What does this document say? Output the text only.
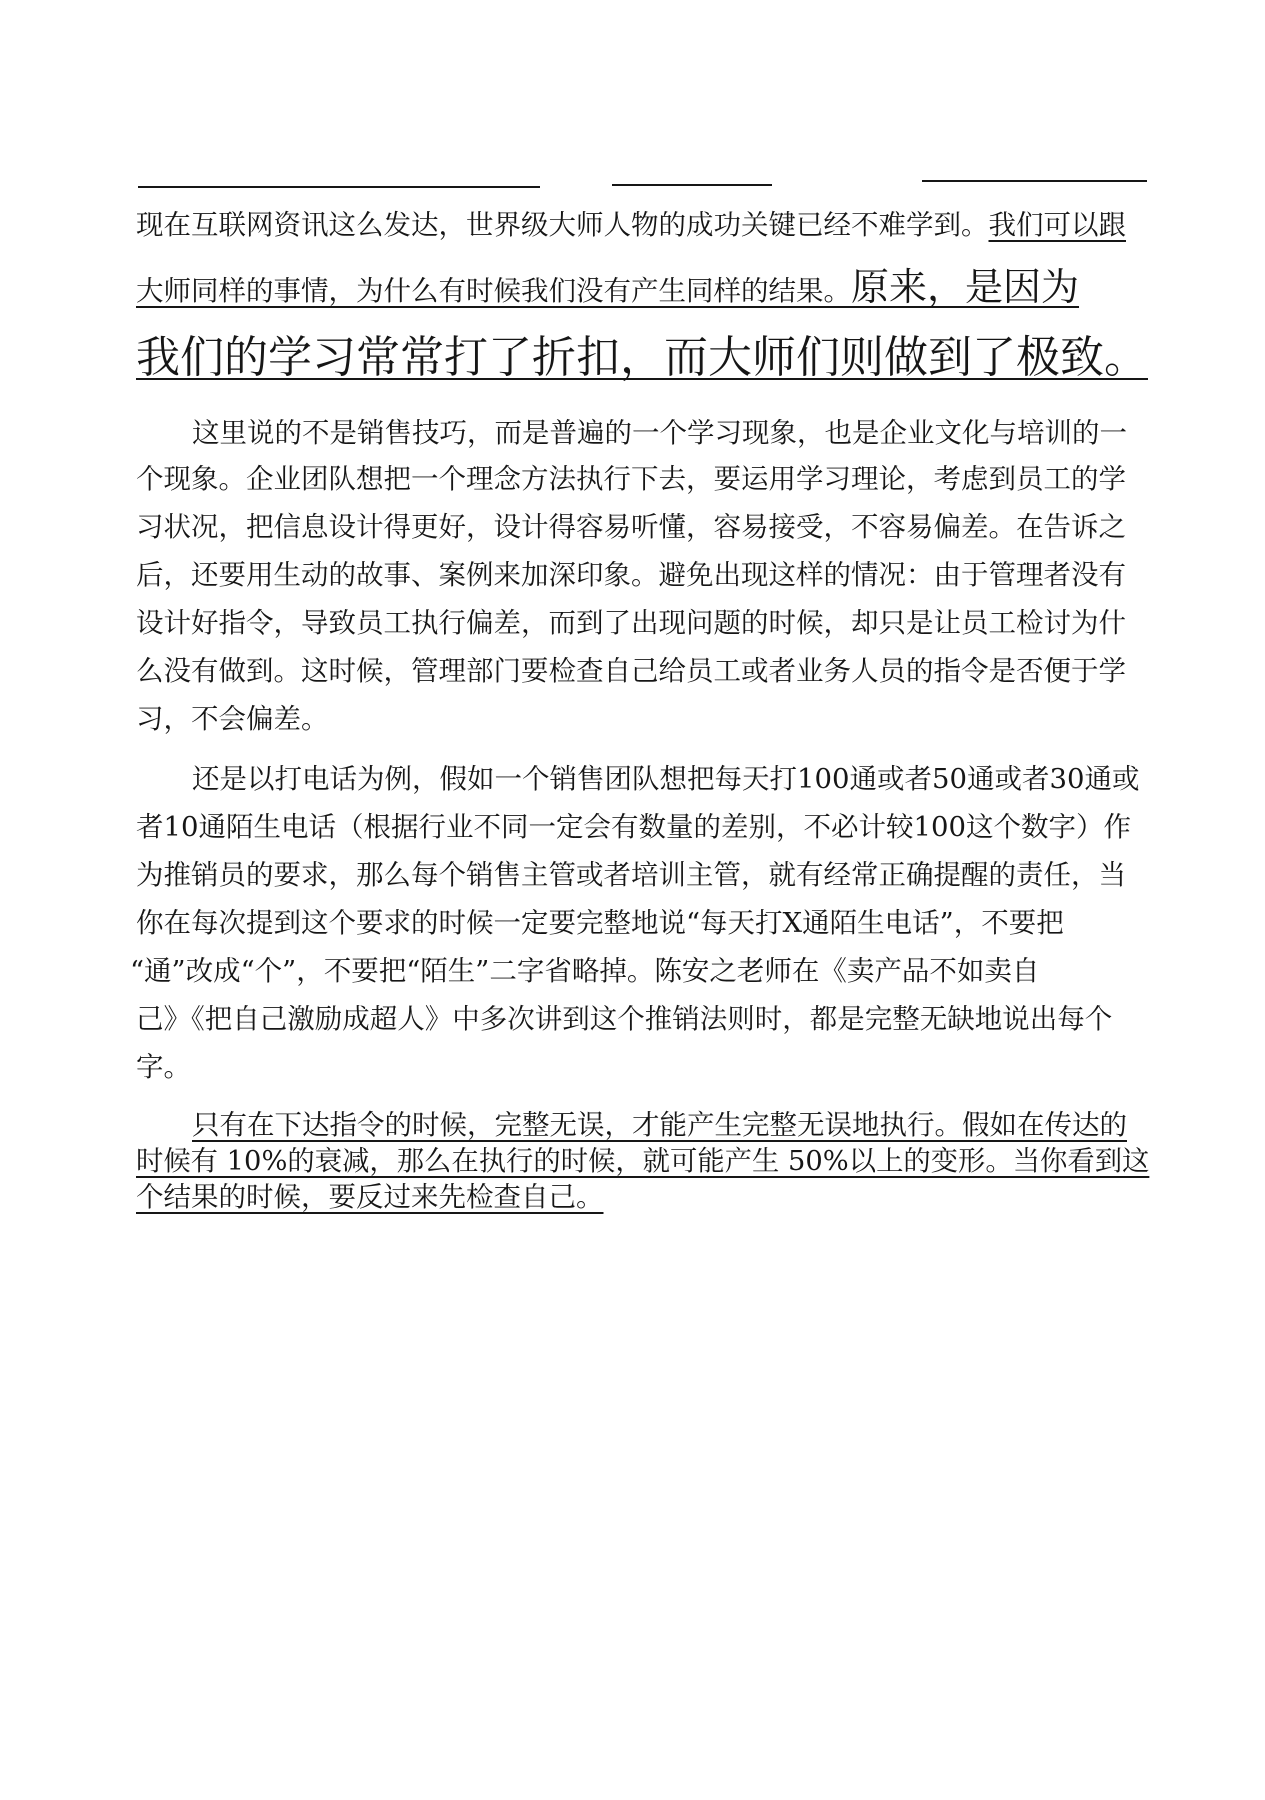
现在互联网资讯这么发达，世界级大师人物的成功关键已经不难学到。我们可以跟
大师同样的事情，为什么有时候我们没有产生同样的结果。原来，是因为
我们的学习常常打了折扣，而大师们则做到了极致。
这里说的不是销售技巧，而是普遍的一个学习现象，也是企业文化与培训的一
个现象。企业团队想把一个理念方法执行下去，要运用学习理论，考虑到员工的学
习状况，把信息设计得更好，设计得容易听懂，容易接受，不容易偏差。在告诉之
后，还要用生动的故事、案例来加深印象。避免出现这样的情况：由于管理者没有
设计好指令，导致员工执行偏差，而到了出现问题的时候，却只是让员工检讨为什
么没有做到。这时候，管理部门要检查自己给员工或者业务人员的指令是否便于学
习，不会偏差。
还是以打电话为例，假如一个销售团队想把每天打100通或者50通或者30通或
者10通陌生电话（根据行业不同一定会有数量的差别，不必计较100这个数字）作
为推销员的要求，那么每个销售主管或者培训主管，就有经常正确提醒的责任，当
你在每次提到这个要求的时候一定要完整地说“每天打X通陌生电话”，不要把
“通”改成“个”，不要把“陌生”二字省略掉。陈安之老师在《卖产品不如卖自
己》《把自己激励成超人》中多次讲到这个推销法则时，都是完整无缺地说出每个
字。
只有在下达指令的时候，完整无误，才能产生完整无误地执行。假如在传达的
时候有 10%的衰减，那么在执行的时候，就可能产生 50%以上的变形。当你看到这
个结果的时候，要反过来先检查自己。
